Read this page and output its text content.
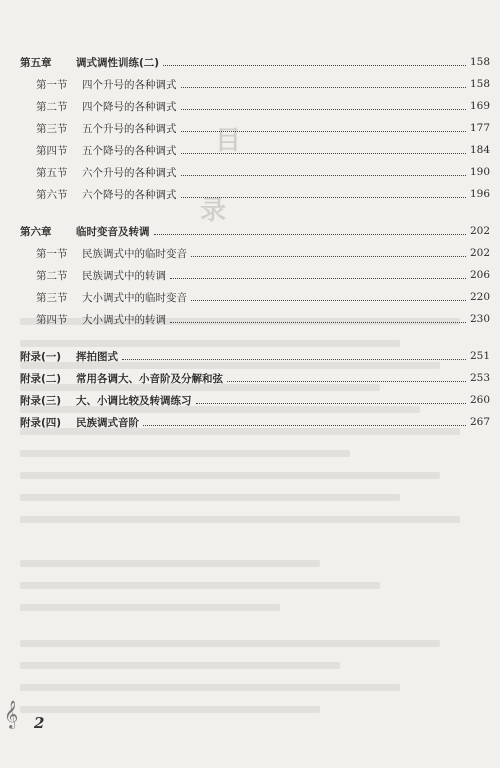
目
录
第五章	调式调性训练(二)	158
第一节	四个升号的各种调式	158
第二节	四个降号的各种调式	169
第三节	五个升号的各种调式	177
第四节	五个降号的各种调式	184
第五节	六个升号的各种调式	190
第六节	六个降号的各种调式	196
第六章	临时变音及转调	202
第一节	民族调式中的临时变音	202
第二节	民族调式中的转调	206
第三节	大小调式中的临时变音	220
第四节	大小调式中的转调	230
附录(一)	挥拍图式	251
附录(二)	常用各调大、小音阶及分解和弦	253
附录(三)	大、小调比较及转调练习	260
附录(四)	民族调式音阶	267
𝄞 2
